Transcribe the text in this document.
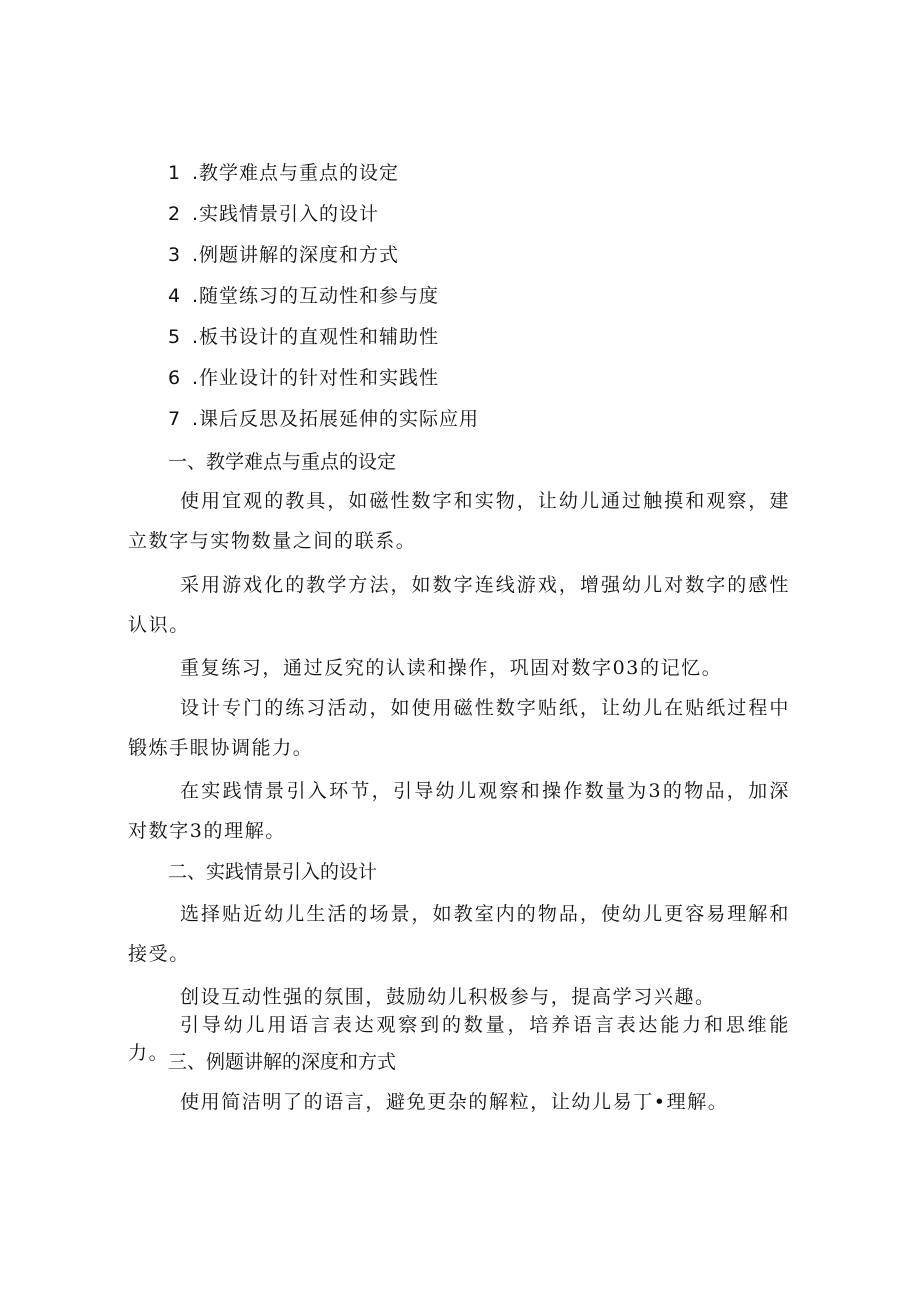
1 .教学难点与重点的设定
2 .实践情景引入的设计
3 .例题讲解的深度和方式
4 .随堂练习的互动性和参与度
5 .板书设计的直观性和辅助性
6 .作业设计的针对性和实践性
7 .课后反思及拓展延伸的实际应用
一、教学难点与重点的设定

使用宜观的教具，如磁性数字和实物，让幼儿通过触摸和观察，建立数字与实物数量之间的联系。

采用游戏化的教学方法，如数字连线游戏，增强幼儿对数字的感性认识。

重复练习，通过反究的认读和操作，巩固对数字03的记忆。

设计专门的练习活动，如使用磁性数字贴纸，让幼儿在贴纸过程中锻炼手眼协调能力。

在实践情景引入环节，引导幼儿观察和操作数量为3的物品，加深对数字3的理解。

二、实践情景引入的设计

选择贴近幼儿生活的场景，如教室内的物品，使幼儿更容易理解和接受。

创设互动性强的氛围，鼓励幼儿积极参与，提高学习兴趣。

引导幼儿用语言表达观察到的数量，培养语言表达能力和思维能力。

三、例题讲解的深度和方式

使用简洁明了的语言，避免更杂的解粒，让幼儿易丁•理解。
